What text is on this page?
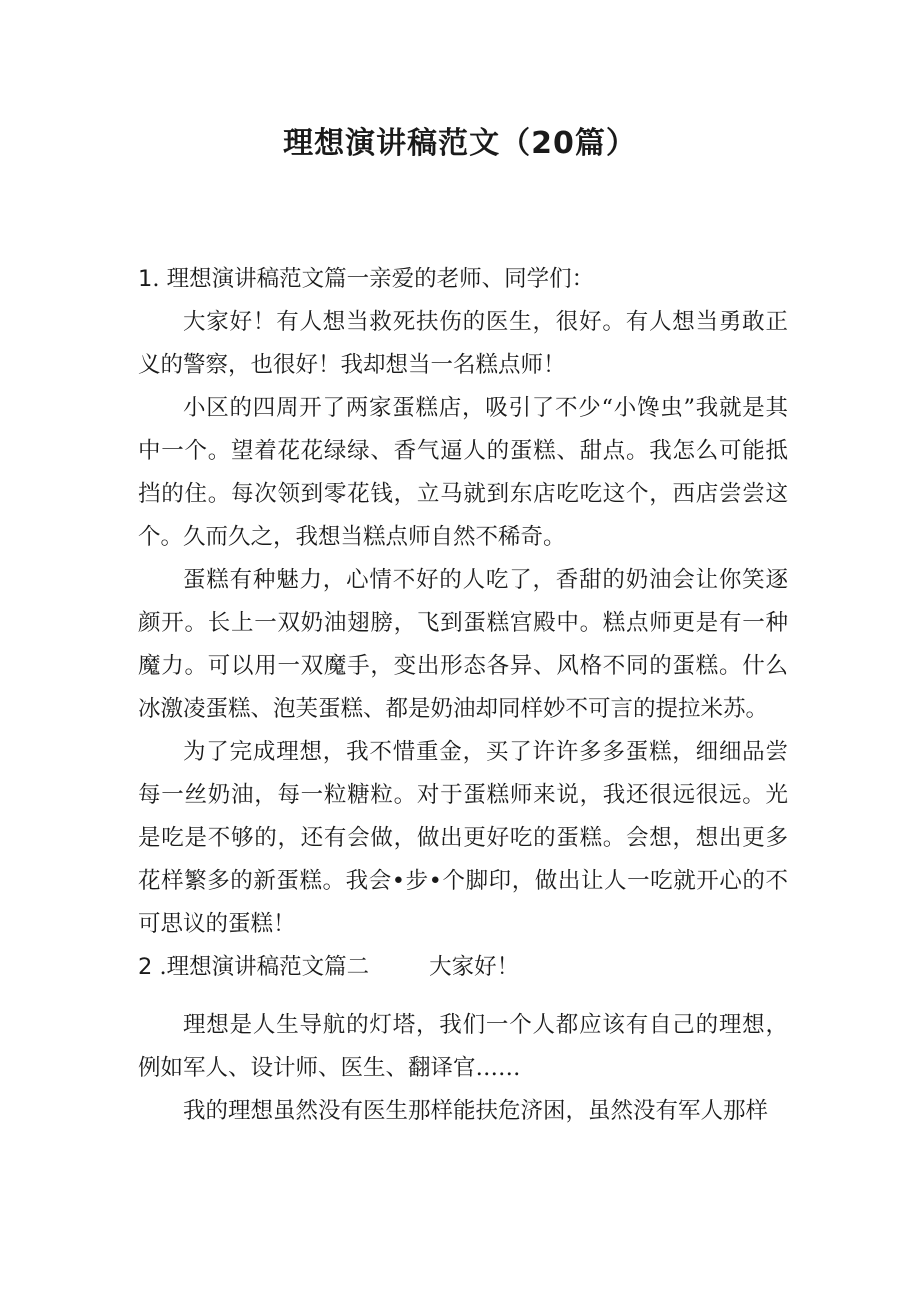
理想演讲稿范文（20篇）

1. 理想演讲稿范文篇一亲爱的老师、同学们：

大家好！有人想当救死扶伤的医生，很好。有人想当勇敢正义的警察，也很好！我却想当一名糕点师！

小区的四周开了两家蛋糕店，吸引了不少“小馋虫”我就是其中一个。望着花花绿绿、香气逼人的蛋糕、甜点。我怎么可能抵挡的住。每次领到零花钱，立马就到东店吃吃这个，西店尝尝这个。久而久之，我想当糕点师自然不稀奇。

蛋糕有种魅力，心情不好的人吃了，香甜的奶油会让你笑逐颜开。长上一双奶油翅膀，飞到蛋糕宫殿中。糕点师更是有一种魔力。可以用一双魔手，变出形态各异、风格不同的蛋糕。什么冰激凌蛋糕、泡芙蛋糕、都是奶油却同样妙不可言的提拉米苏。

为了完成理想，我不惜重金，买了许许多多蛋糕，细细品尝每一丝奶油，每一粒糖粒。对于蛋糕师来说，我还很远很远。光是吃是不够的，还有会做，做出更好吃的蛋糕。会想，想出更多花样繁多的新蛋糕。我会•步•个脚印，做出让人一吃就开心的不可思议的蛋糕！

2 .理想演讲稿范文篇二	大家好！

理想是人生导航的灯塔，我们一个人都应该有自己的理想，例如军人、设计师、医生、翻译官……

我的理想虽然没有医生那样能扶危济困，虽然没有军人那样
